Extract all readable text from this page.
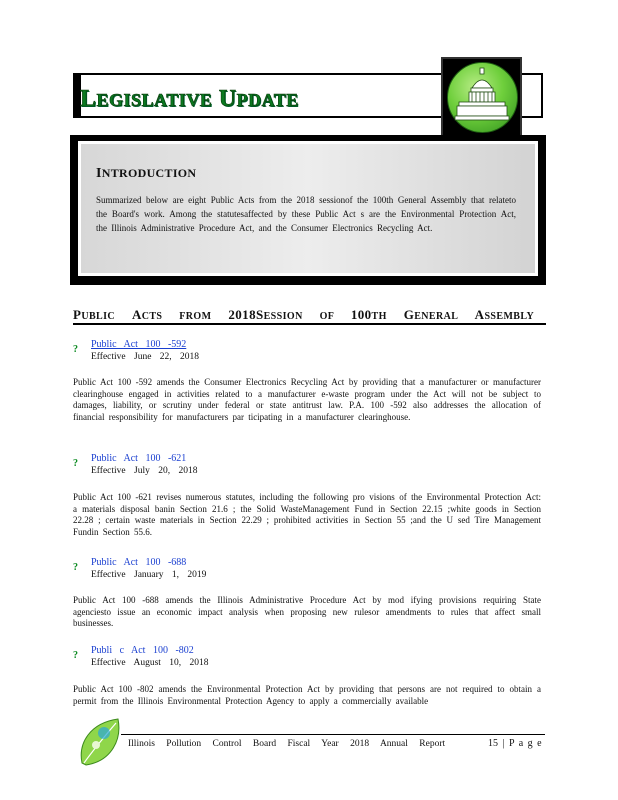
LEGISLATIVE UPDATE
INTRODUCTION
Summarized below are eight Public Acts from the 2018 sessionof the 100th General Assembly that relateto the Board's work. Among the statutesaffected by these Public Act s are the Environmental Protection Act, the Illinois Administrative Procedure Act, and the Consumer Electronics Recycling Act.
PUBLIC ACTS FROM 2018SESSION OF 100TH GENERAL ASSEMBLY
? Public Act 100 -592
Effective June 22, 2018
Public Act 100 -592 amends the Consumer Electronics Recycling Act by providing that a manufacturer or manufacturer clearinghouse engaged in activities related to a manufacturer e-waste program under the Act will not be subject to damages, liability, or scrutiny under federal or state antitrust law. P.A. 100 -592 also addresses the allocation of financial responsibility for manufacturers par ticipating in a manufacturer clearinghouse.
? Public Act 100 -621
Effective July 20, 2018
Public Act 100 -621 revises numerous statutes, including the following pro visions of the Environmental Protection Act: a materials disposal banin Section 21.6 ; the Solid WasteManagement Fund in Section 22.15 ;white goods in Section 22.28 ; certain waste materials in Section 22.29 ; prohibited activities in Section 55 ;and the U sed Tire Management Fundin Section 55.6.
? Public Act 100 -688
Effective January 1, 2019
Public Act 100 -688 amends the Illinois Administrative Procedure Act by mod ifying provisions requiring State agenciesto issue an economic impact analysis when proposing new rulesor amendments to rules that affect small businesses.
? Publi c Act 100 -802
Effective August 10, 2018
Public Act 100 -802 amends the Environmental Protection Act by providing that persons are not required to obtain a permit from the Illinois Environmental Protection Agency to apply a commercially available
Illinois Pollution Control Board Fiscal Year 2018 Annual Report	15 | P a g e
